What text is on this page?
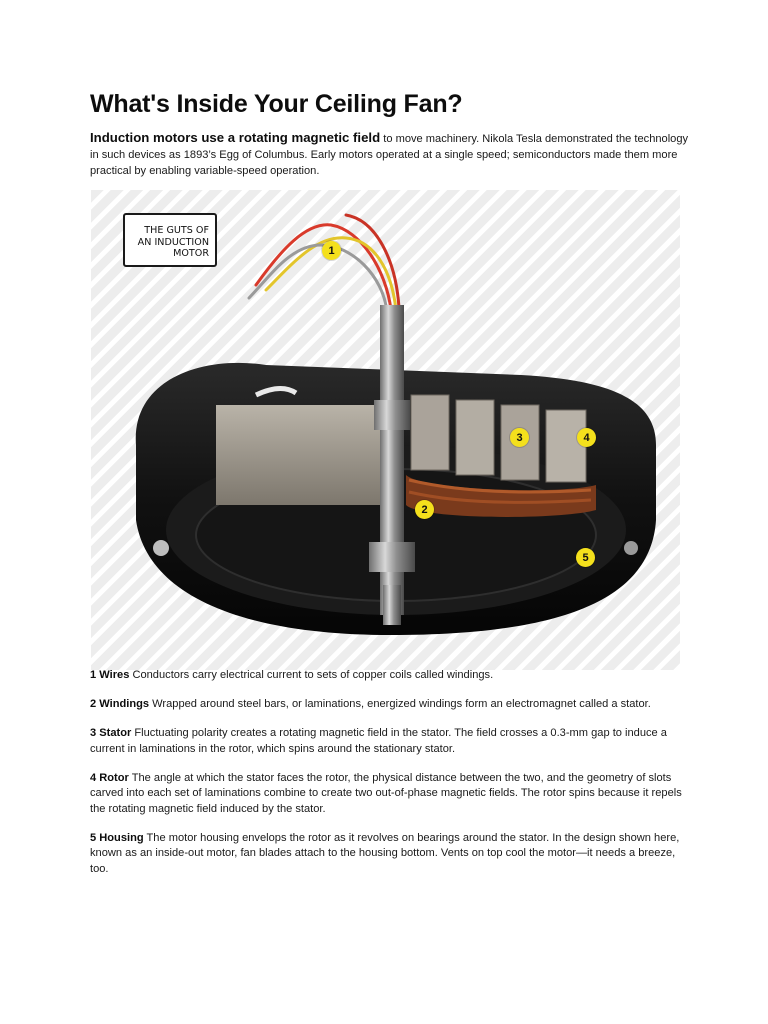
What's Inside Your Ceiling Fan?

Induction motors use a rotating magnetic field to move machinery. Nikola Tesla demonstrated the technology in such devices as 1893’s Egg of Columbus. Early motors operated at a single speed; semiconductors made them more practical by enabling variable-speed operation.

THE GUTS OF
AN INDUCTION
MOTOR	1
2
3	4
5

1 Wires Conductors carry electrical current to sets of copper coils called windings.

2 Windings Wrapped around steel bars, or laminations, energized windings form an electromagnet called a stator.

3 Stator Fluctuating polarity creates a rotating magnetic field in the stator. The field crosses a 0.3-mm gap to induce a current in laminations in the rotor, which spins around the stationary stator.

4 Rotor The angle at which the stator faces the rotor, the physical distance between the two, and the geometry of slots carved into each set of laminations combine to create two out-of-phase magnetic fields. The rotor spins because it repels the rotating magnetic field induced by the stator.

5 Housing The motor housing envelops the rotor as it revolves on bearings around the stator. In the design shown here, known as an inside-out motor, fan blades attach to the housing bottom. Vents on top cool the motor—it needs a breeze, too.
